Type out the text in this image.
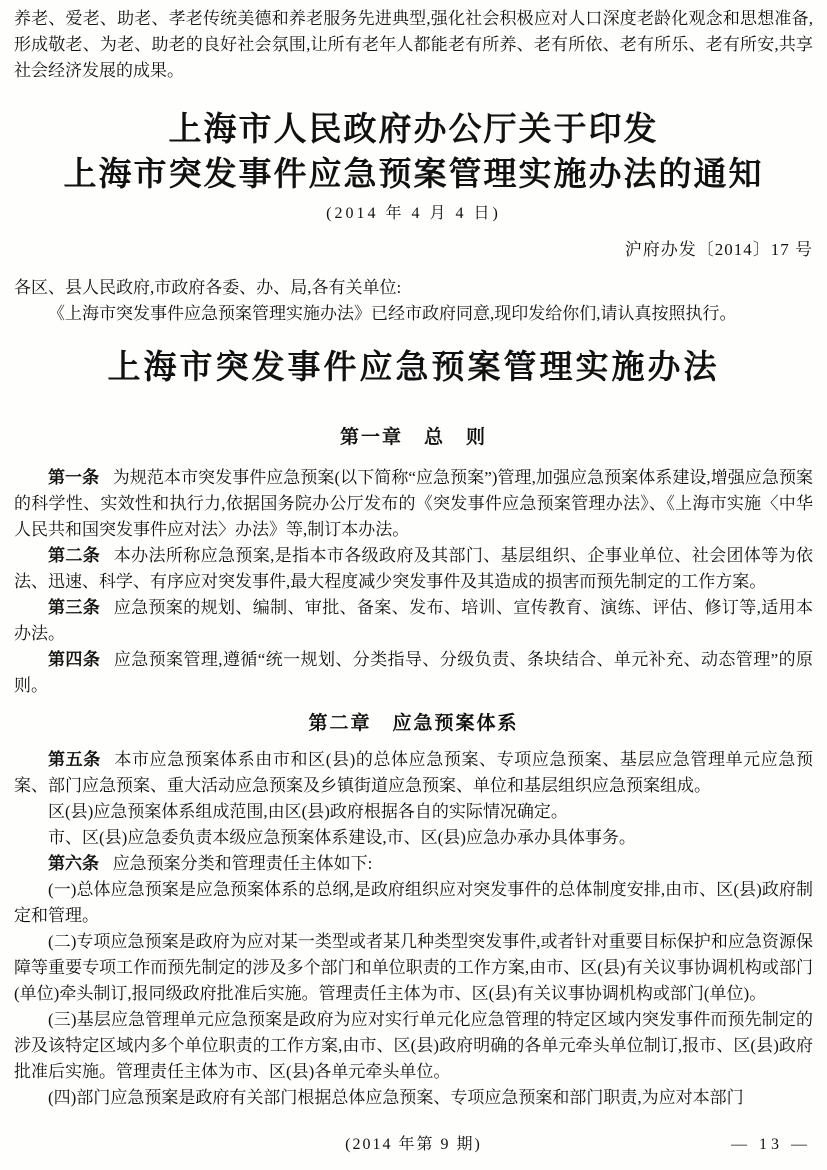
养老、爱老、助老、孝老传统美德和养老服务先进典型,强化社会积极应对人口深度老龄化观念和思想准备,形成敬老、为老、助老的良好社会氛围,让所有老年人都能老有所养、老有所依、老有所乐、老有所安,共享社会经济发展的成果。

上海市人民政府办公厅关于印发
上海市突发事件应急预案管理实施办法的通知

(2014 年 4 月 4 日)

沪府办发〔2014〕17 号

各区、县人民政府,市政府各委、办、局,各有关单位:

《上海市突发事件应急预案管理实施办法》已经市政府同意,现印发给你们,请认真按照执行。

上海市突发事件应急预案管理实施办法
第一章　总　则

第一条 为规范本市突发事件应急预案(以下简称“应急预案”)管理,加强应急预案体系建设,增强应急预案的科学性、实效性和执行力,依据国务院办公厅发布的《突发事件应急预案管理办法》、《上海市实施〈中华人民共和国突发事件应对法〉办法》等,制订本办法。

第二条 本办法所称应急预案,是指本市各级政府及其部门、基层组织、企事业单位、社会团体等为依法、迅速、科学、有序应对突发事件,最大程度减少突发事件及其造成的损害而预先制定的工作方案。

第三条 应急预案的规划、编制、审批、备案、发布、培训、宣传教育、演练、评估、修订等,适用本办法。

第四条 应急预案管理,遵循“统一规划、分类指导、分级负责、条块结合、单元补充、动态管理”的原则。

第二章　应急预案体系

第五条 本市应急预案体系由市和区(县)的总体应急预案、专项应急预案、基层应急管理单元应急预案、部门应急预案、重大活动应急预案及乡镇街道应急预案、单位和基层组织应急预案组成。

区(县)应急预案体系组成范围,由区(县)政府根据各自的实际情况确定。

市、区(县)应急委负责本级应急预案体系建设,市、区(县)应急办承办具体事务。

第六条 应急预案分类和管理责任主体如下:

(一)总体应急预案是应急预案体系的总纲,是政府组织应对突发事件的总体制度安排,由市、区(县)政府制定和管理。

(二)专项应急预案是政府为应对某一类型或者某几种类型突发事件,或者针对重要目标保护和应急资源保障等重要专项工作而预先制定的涉及多个部门和单位职责的工作方案,由市、区(县)有关议事协调机构或部门(单位)牵头制订,报同级政府批准后实施。管理责任主体为市、区(县)有关议事协调机构或部门(单位)。

(三)基层应急管理单元应急预案是政府为应对实行单元化应急管理的特定区域内突发事件而预先制定的涉及该特定区域内多个单位职责的工作方案,由市、区(县)政府明确的各单元牵头单位制订,报市、区(县)政府批准后实施。管理责任主体为市、区(县)各单元牵头单位。

(四)部门应急预案是政府有关部门根据总体应急预案、专项应急预案和部门职责,为应对本部门

(2014 年第 9 期)	— 13 —
